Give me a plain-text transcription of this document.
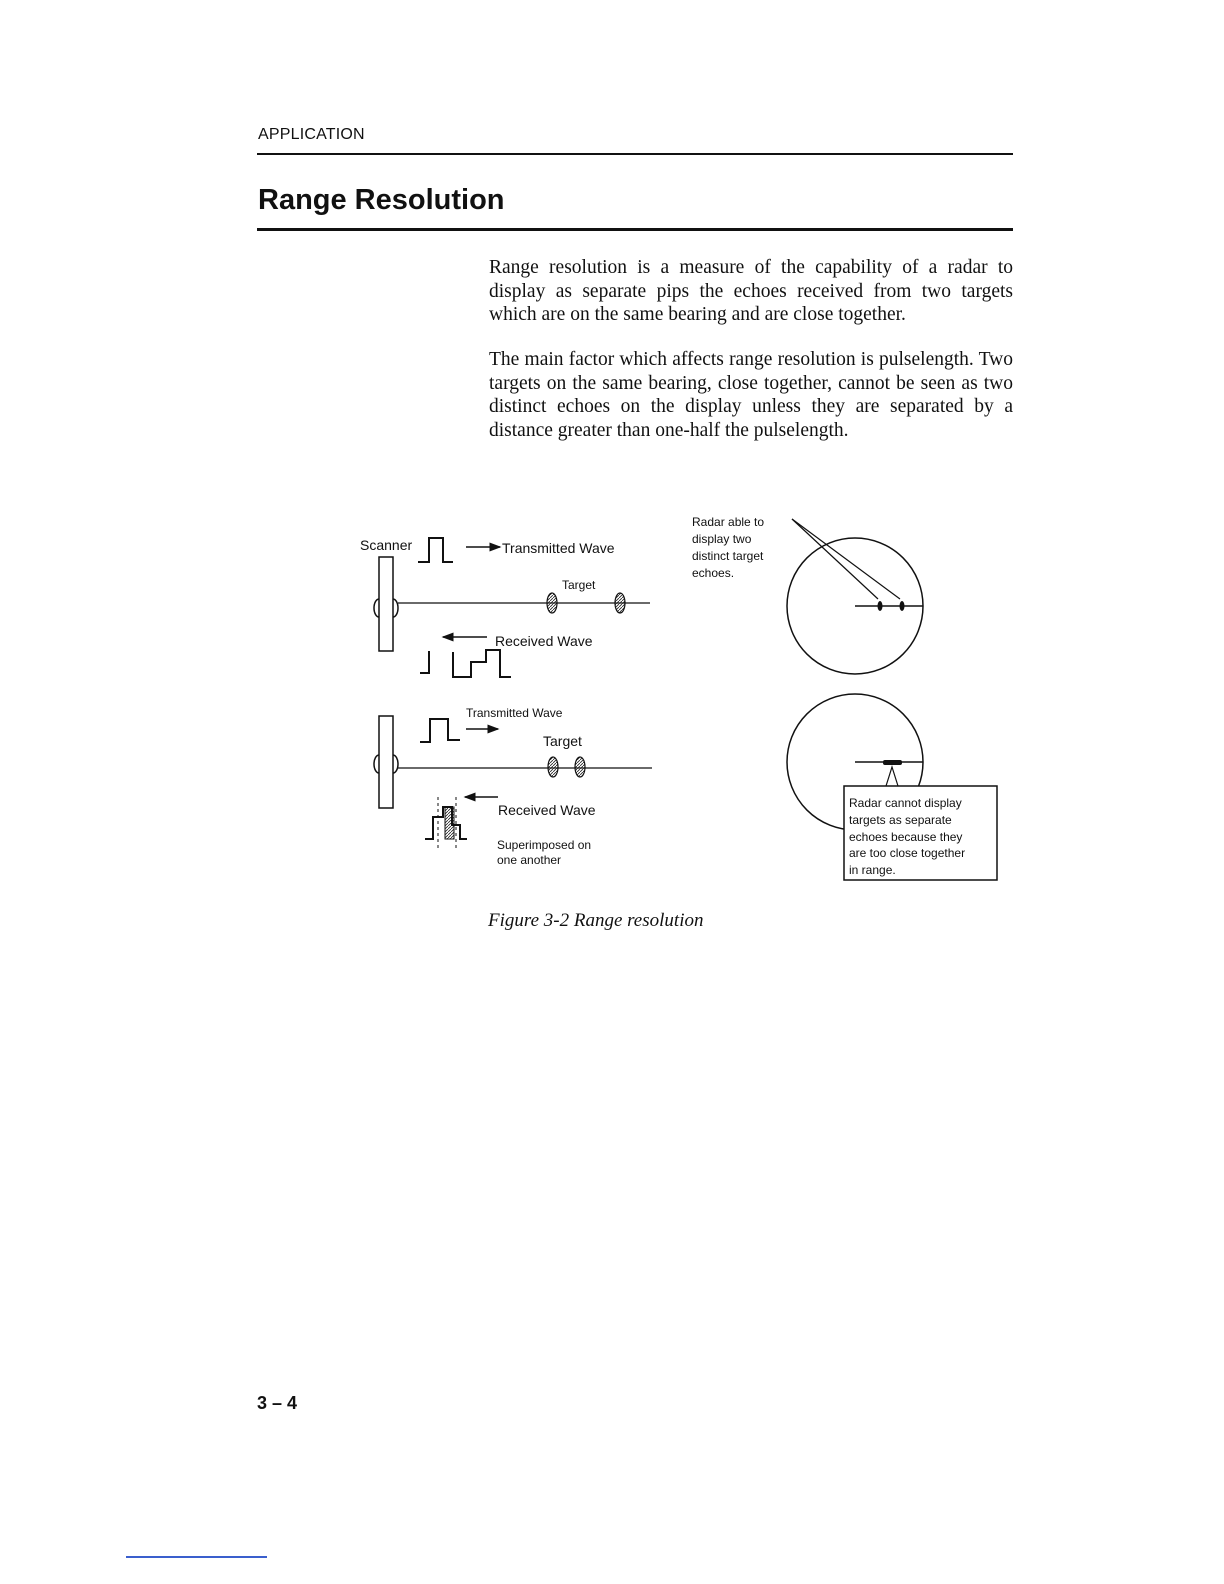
APPLICATION
Range Resolution

Range resolution is a measure of the capability of a radar to display as separate pips the echoes received from two targets which are on the same bearing and are close together.

The main factor which affects range resolution is pulselength. Two targets on the same bearing, close together, cannot be seen as two distinct echoes on the display unless they are separated by a distance greater than one-half the pulselength.

Scanner	Transmitted Wave
Target
Received Wave
Transmitted Wave
Target
Received Wave
Superimposed on one another
Radar able to display two distinct target echoes.
Radar cannot display targets as separate echoes because they are too close together in range.
Figure 3-2 Range resolution
3 – 4
